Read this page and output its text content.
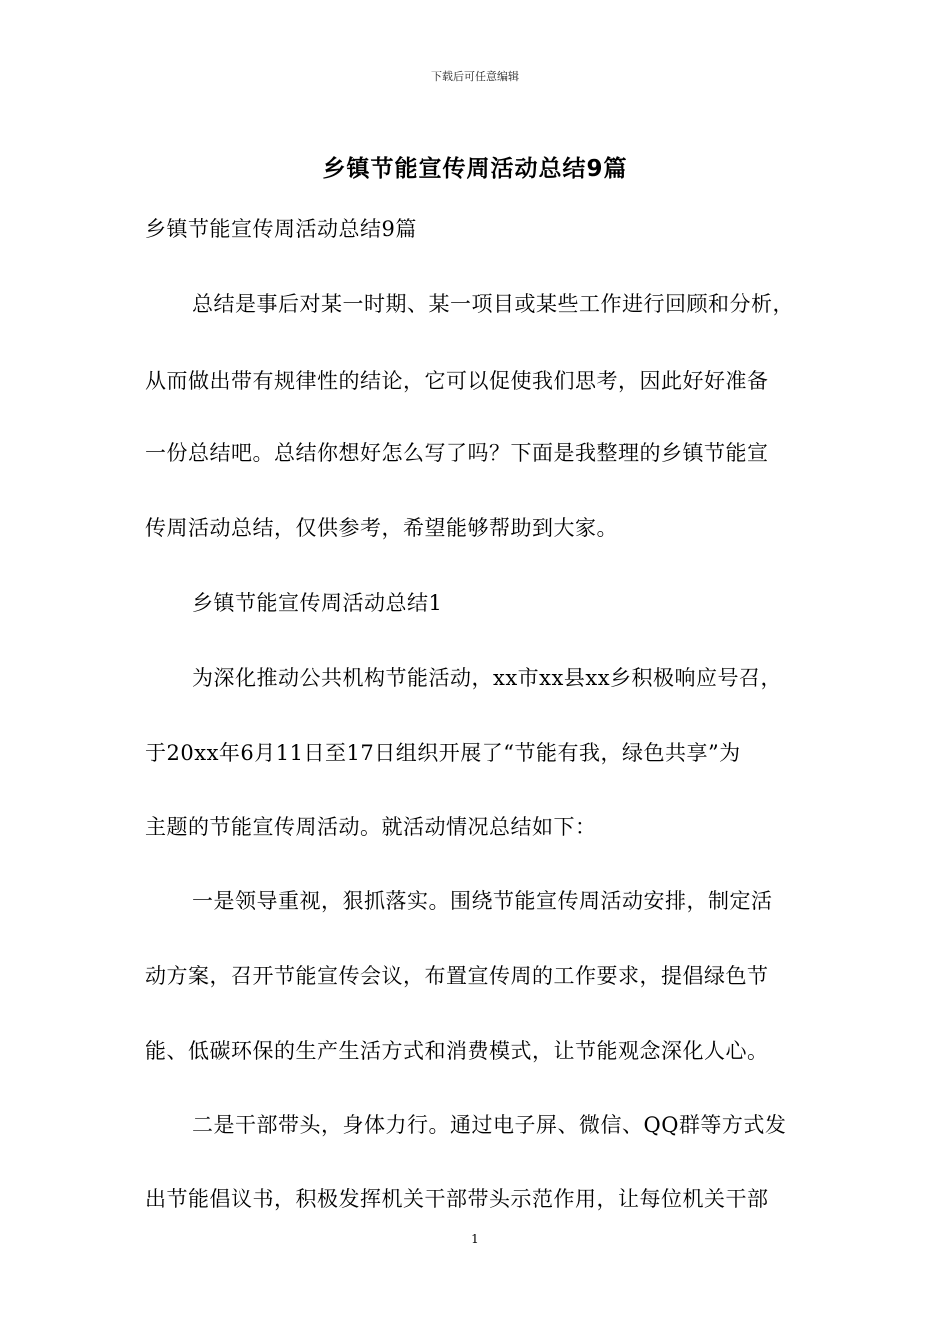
下载后可任意编辑
乡镇节能宣传周活动总结9篇
乡镇节能宣传周活动总结9篇
总结是事后对某一时期、某一项目或某些工作进行回顾和分析，
从而做出带有规律性的结论，它可以促使我们思考，因此好好准备
一份总结吧。总结你想好怎么写了吗？下面是我整理的乡镇节能宣
传周活动总结，仅供参考，希望能够帮助到大家。
乡镇节能宣传周活动总结1
为深化推动公共机构节能活动，xx市xx县xx乡积极响应号召，
于20xx年6月11日至17日组织开展了“节能有我，绿色共享”为
主题的节能宣传周活动。就活动情况总结如下：
一是领导重视，狠抓落实。围绕节能宣传周活动安排，制定活
动方案，召开节能宣传会议，布置宣传周的工作要求，提倡绿色节
能、低碳环保的生产生活方式和消费模式，让节能观念深化人心。
二是干部带头，身体力行。通过电子屏、微信、QQ群等方式发
出节能倡议书，积极发挥机关干部带头示范作用，让每位机关干部
1
